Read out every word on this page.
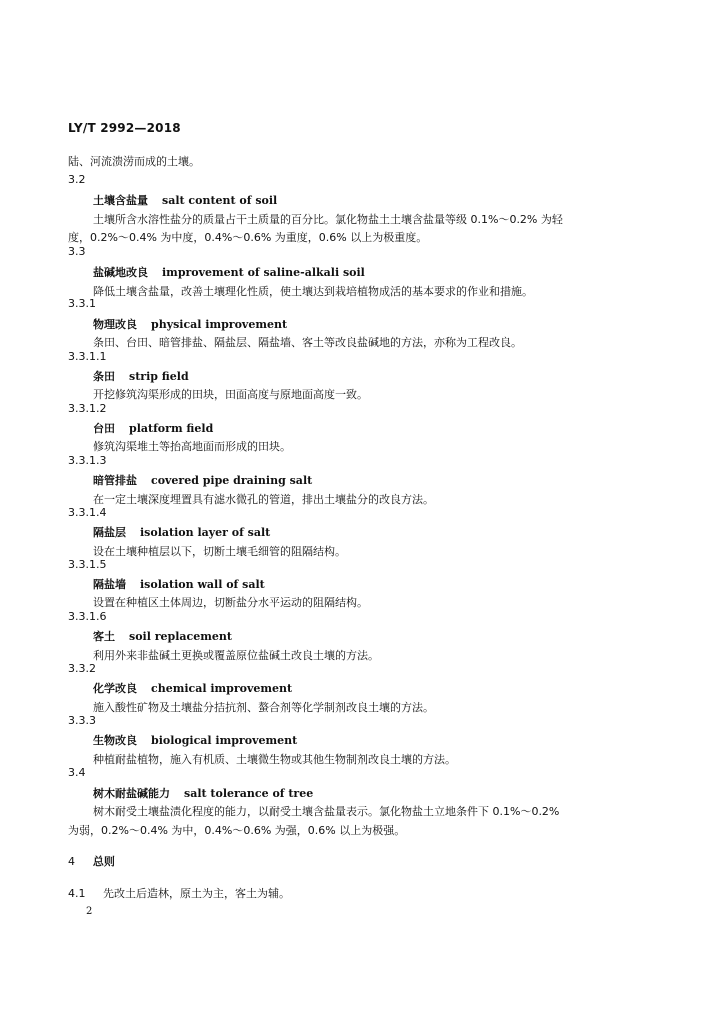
LY/T 2992—2018
陆、河流溃涝而成的土壤。
3.2
土壤含盐量 salt content of soil
土壤所含水溶性盐分的质量占干土质量的百分比。氯化物盐土土壤含盐量等级 0.1%～0.2% 为轻
度，0.2%～0.4% 为中度，0.4%～0.6% 为重度，0.6% 以上为极重度。
3.3
盐碱地改良 improvement of saline-alkali soil
降低土壤含盐量，改善土壤理化性质，使土壤达到栽培植物成活的基本要求的作业和措施。
3.3.1
物理改良 physical improvement
条田、台田、暗管排盐、隔盐层、隔盐墙、客土等改良盐碱地的方法，亦称为工程改良。
3.3.1.1
条田 strip field
开挖修筑沟渠形成的田块，田面高度与原地面高度一致。
3.3.1.2
台田 platform field
修筑沟渠堆土等抬高地面而形成的田块。
3.3.1.3
暗管排盐 covered pipe draining salt
在一定土壤深度埋置具有滤水微孔的管道，排出土壤盐分的改良方法。
3.3.1.4
隔盐层 isolation layer of salt
设在土壤种植层以下，切断土壤毛细管的阻隔结构。
3.3.1.5
隔盐墙 isolation wall of salt
设置在种植区土体周边，切断盐分水平运动的阻隔结构。
3.3.1.6
客土 soil replacement
利用外来非盐碱土更换或覆盖原位盐碱土改良土壤的方法。
3.3.2
化学改良 chemical improvement
施入酸性矿物及土壤盐分拮抗剂、螯合剂等化学制剂改良土壤的方法。
3.3.3
生物改良 biological improvement
种植耐盐植物，施入有机质、土壤微生物或其他生物制剂改良土壤的方法。
3.4
树木耐盐碱能力 salt tolerance of tree
树木耐受土壤盐渍化程度的能力，以耐受土壤含盐量表示。氯化物盐土立地条件下 0.1%～0.2%
为弱，0.2%～0.4% 为中，0.4%～0.6% 为强，0.6% 以上为极强。
4 总则
4.1 先改土后造林，原土为主，客土为辅。
2
